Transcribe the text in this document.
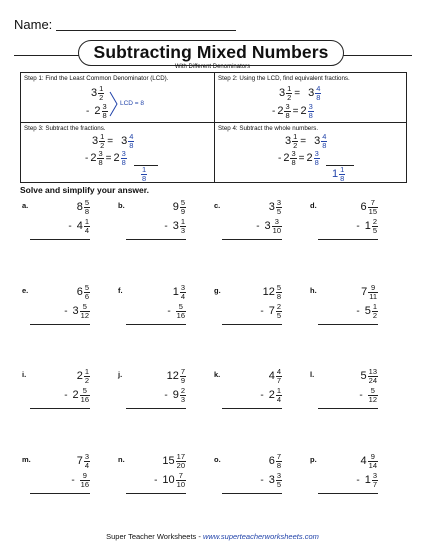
Name:
Subtracting Mixed Numbers
With Different Denominators
Step 1: Find the Least Common Denominator (LCD).
$3 \frac{1}{2}$
- $2 \frac{3}{8}$ LCD = 8
Step 2: Using the LCD, find equivalent fractions.
$3 \frac{1}{2} = 3 \frac{4}{8}$
- $2 \frac{3}{8} = 2 \frac{3}{8}$
Step 3: Subtract the fractions.
$3 \frac{1}{2} = 3 \frac{4}{8}$
- $2 \frac{3}{8} = 2 \frac{3}{8}$
$\frac{1}{8}$
Step 4: Subtract the whole numbers.
$3 \frac{1}{2} = 3 \frac{4}{8}$
- $2 \frac{3}{8} = 2 \frac{3}{8}$
$1 \frac{1}{8}$
Solve and simplify your answer.
a.	$8 \frac{5}{8}$
- $4 \frac{1}{4}$
b.	$9 \frac{5}{9}$
- $3 \frac{1}{3}$
c.	$3 \frac{3}{5}$
- $3 \frac{3}{10}$
d.	$6 \frac{7}{15}$
- $1 \frac{2}{5}$
e.	$6 \frac{5}{6}$
- $3 \frac{5}{12}$
f.	$1 \frac{3}{4}$
- $\frac{5}{16}$
g.	$12 \frac{5}{8}$
- $7 \frac{2}{5}$
h.	$7 \frac{9}{11}$
- $5 \frac{1}{2}$
i.	$2 \frac{1}{2}$
- $2 \frac{5}{16}$
j.	$12 \frac{7}{9}$
- $9 \frac{2}{3}$
k.	$4 \frac{4}{7}$
- $2 \frac{1}{4}$
l.	$5 \frac{13}{24}$
- $\frac{5}{12}$
m.	$7 \frac{3}{4}$
- $\frac{9}{16}$
n.	$15 \frac{17}{20}$
- $10 \frac{7}{10}$
o.	$6 \frac{7}{8}$
- $3 \frac{3}{5}$
p.	$4 \frac{9}{14}$
- $1 \frac{3}{7}$
Super Teacher Worksheets - www.superteacherworksheets.com
